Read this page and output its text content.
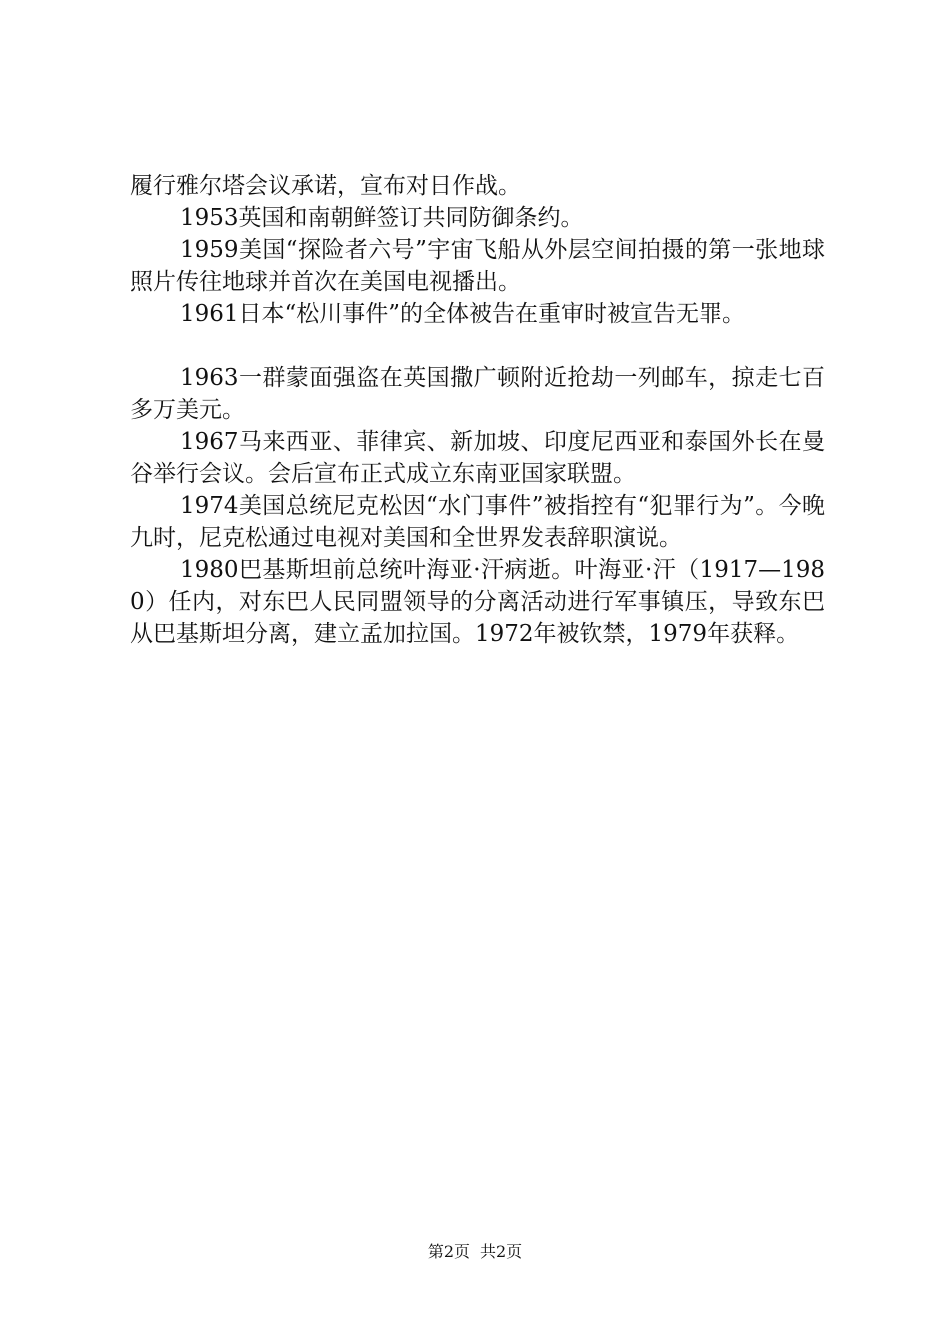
履行雅尔塔会议承诺，宣布对日作战。

1953英国和南朝鲜签订共同防御条约。

1959美国“探险者六号”宇宙飞船从外层空间拍摄的第一张地球照片传往地球并首次在美国电视播出。

1961日本“松川事件”的全体被告在重审时被宣告无罪。

1963一群蒙面强盗在英国撒广顿附近抢劫一列邮车，掠走七百多万美元。

1967马来西亚、菲律宾、新加坡、印度尼西亚和泰国外长在曼谷举行会议。会后宣布正式成立东南亚国家联盟。

1974美国总统尼克松因“水门事件”被指控有“犯罪行为”。今晚九时，尼克松通过电视对美国和全世界发表辞职演说。

1980巴基斯坦前总统叶海亚·汗病逝。叶海亚·汗（1917—1980）任内，对东巴人民同盟领导的分离活动进行军事镇压，导致东巴从巴基斯坦分离，建立孟加拉国。1972年被钦禁，1979年获释。

第2页 共2页
